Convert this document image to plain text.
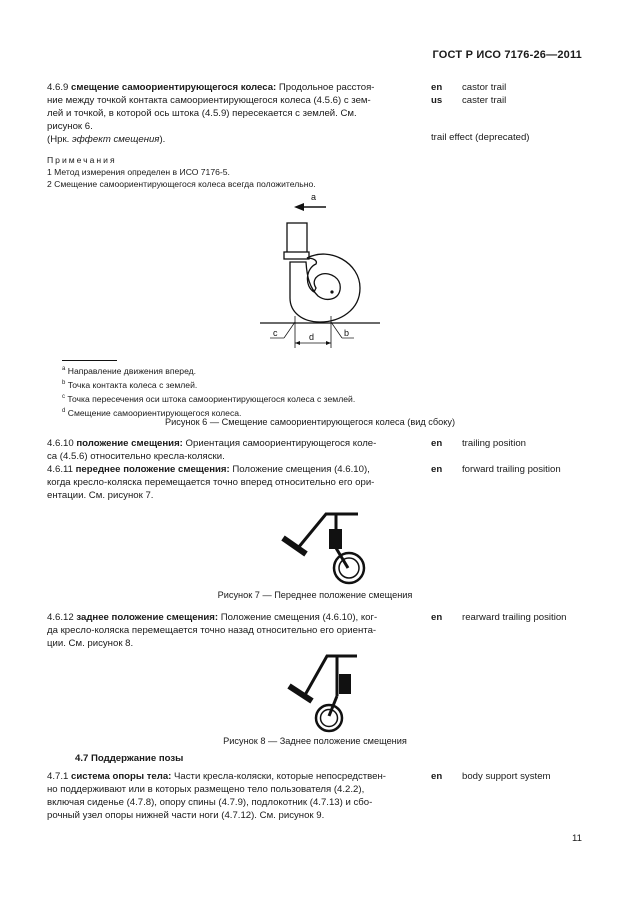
ГОСТ Р ИСО 7176-26—2011
4.6.9 смещение самоориентирующегося колеса: Продольное расстоя-
ние между точкой контакта самоориентирующегося колеса (4.5.6) с зем-
лей и точкой, в которой ось штока (4.5.9) пересекается с землей. См.
рисунок 6.
(Нрк. эффект смещения).
en castor trail
us caster trail
trail effect (deprecated)
Примечания
1 Метод измерения определен в ИСО 7176-5.
2 Смещение самоориентирующегося колеса всегда положительно.
a
d
c	b
$^a$ Направление движения вперед.
$^b$ Точка контакта колеса с землей.
$^c$ Точка пересечения оси штока самоориентирующегося колеса с землей.
$^d$ Смещение самоориентирующегося колеса.
Рисунок 6 — Смещение самоориентирующегося колеса (вид сбоку)
4.6.10 положение смещения: Ориентация самоориентирующегося коле-
са (4.5.6) относительно кресла-коляски.
en trailing position
4.6.11 переднее положение смещения: Положение смещения (4.6.10),
когда кресло-коляска перемещается точно вперед относительно его ори-
ентации. См. рисунок 7.
en forward trailing position
Рисунок 7 — Переднее положение смещения
4.6.12 заднее положение смещения: Положение смещения (4.6.10), ког-
да кресло-коляска перемещается точно назад относительно его ориента-
ции. См. рисунок 8.
en rearward trailing position
Рисунок 8 — Заднее положение смещения
4.7 Поддержание позы
4.7.1 система опоры тела: Части кресла-коляски, которые непосредствен-
но поддерживают или в которых размещено тело пользователя (4.2.2),
включая сиденье (4.7.8), опору спины (4.7.9), подлокотник (4.7.13) и сбо-
рочный узел опоры нижней части ноги (4.7.12). См. рисунок 9.
en body support system
11
